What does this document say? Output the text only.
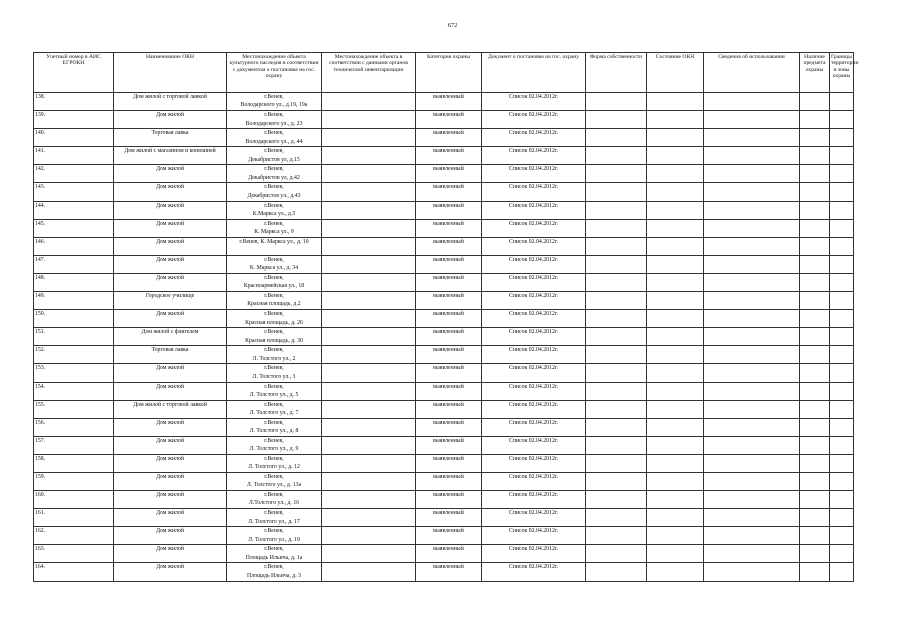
672
Учетный номер в АИС ЕГРОКН	Наименование ОКН	Местонахождение объекта культурного наследия в соответствии с документом о постановке на гос. охрану	Местонахождение объекта в соответствии с данными органов технической инвентаризации	Категория охраны	Документ о постановке на гос. охрану	Форма собственности	Состояние ОКН	Сведения об использовании	Наличие предмета охраны	Границы территории и зоны охраны

138.	Дом жилой с торговой лавкой	г.Венев,
Володарского ул., д.19, 19а		выявленный	Список 02.04.2012г.					

139.	Дом жилой	г.Венев,
Володарского ул., д. 23		выявленный	Список 02.04.2012г.					

140.	Торговая лавка	г.Венев,
Володарского ул., д. 44		выявленный	Список 02.04.2012г.					

141.	Дом жилой с магазином и конюшней	г.Венев,
Декабристов ул, д.15		выявленный	Список 02.04.2012г.					

142.	Дом жилой	г.Венев,
Декабристов ул, д.42		выявленный	Список 02.04.2012г.					

143.	Дом жилой	г.Венев,
Декабристов ул., д.43		выявленный	Список 02.04.2012г.					

144.	Дом жилой	г.Венев,
К.Маркса ул., д.5		выявленный	Список 02.04.2012г.					

145.	Дом жилой	г.Венев,
К. Маркса ул., 9		выявленный	Список 02.04.2012г.					

146.	Дом жилой	г.Венев, К. Маркса ул., д. 10		выявленный	Список 02.04.2012г.					

147.	Дом жилой	г.Венев,
К. Маркса ул., д. 34		выявленный	Список 02.04.2012г.					

148.	Дом жилой	г.Венев,
Красноармейская ул., 18		выявленный	Список 02.04.2012г.					

149.	Городское училище	г.Венев,
Красная площадь, д.2		выявленный	Список 02.04.2012г.					

150.	Дом жилой	г.Венев,
Красная площадь, д. 26		выявленный	Список 02.04.2012г.					

151.	Дом жилой с флигелем	г.Венев,
Красная площадь, д. 30		выявленный	Список 02.04.2012г.					

152.	Торговая лавка	г.Венев,
Л. Толстого ул., 2		выявленный	Список 02.04.2012г.					

153.	Дом жилой	г.Венев,
Л. Толстого ул., 3		выявленный	Список 02.04.2012г.					

154.	Дом жилой	г.Венев,
Л. Толстого ул., д. 5		выявленный	Список 02.04.2012г.					

155.	Дом жилой с торговой лавкой	г.Венев,
Л. Толстого ул., д. 7		выявленный	Список 02.04.2012г.					

156.	Дом жилой	г.Венев,
Л. Толстого ул., д. 8		выявленный	Список 02.04.2012г.					

157.	Дом жилой	г.Венев,
Л. Толстого ул., д. 9		выявленный	Список 02.04.2012г.					

158.	Дом жилой	г.Венев,
Л. Толстого ул., д. 12		выявленный	Список 02.04.2012г.					

159.	Дом жилой	г.Венев,
Л. Толстого ул., д. 13а		выявленный	Список 02.04.2012г.					

160.	Дом жилой	г.Венев,
Л.Толстого ул., д. 16		выявленный	Список 02.04.2012г.					

161.	Дом жилой	г.Венев,
Л. Толстого ул., д. 17		выявленный	Список 02.04.2012г.					

162.	Дом жилой	г.Венев,
Л. Толстого ул., д. 19		выявленный	Список 02.04.2012г.					

163.	Дом жилой	г.Венев,
Площадь Ильича, д. 1а		выявленный	Список 02.04.2012г.					

164.	Дом жилой	г.Венев,
Площадь Ильича, д. 3		выявленный	Список 02.04.2012г.					
